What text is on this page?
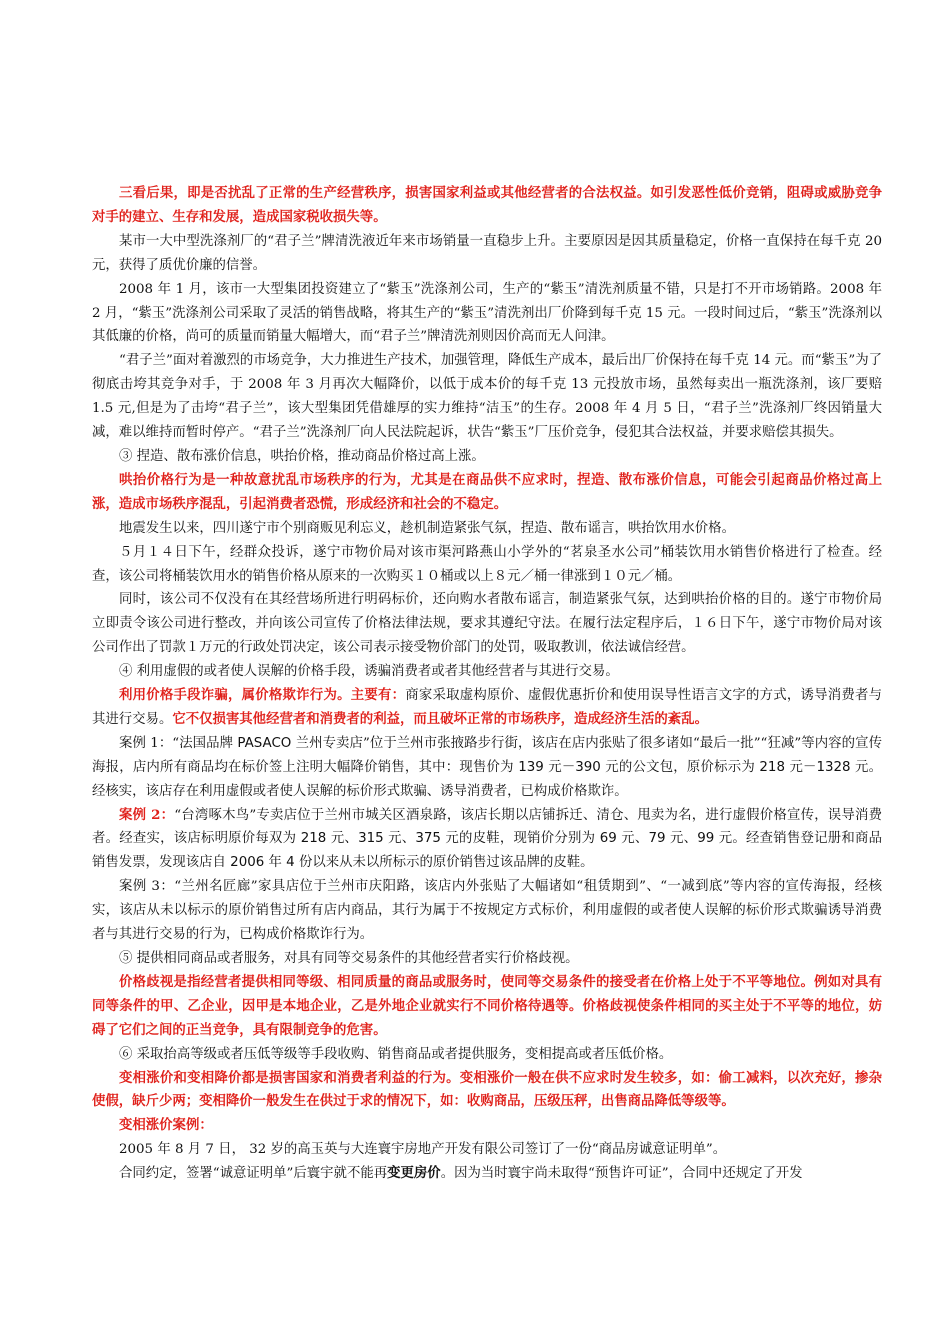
三看后果，即是否扰乱了正常的生产经营秩序，损害国家利益或其他经营者的合法权益。如引发恶性低价竞销，阻碍或威胁竞争对手的建立、生存和发展，造成国家税收损失等。

某市一大中型洗涤剂厂的“君子兰”牌清洗液近年来市场销量一直稳步上升。主要原因是因其质量稳定，价格一直保持在每千克 20 元，获得了质优价廉的信誉。

2008 年 1 月，该市一大型集团投资建立了“紫玉”洗涤剂公司，生产的“紫玉”清洗剂质量不错，只是打不开市场销路。2008 年 2 月，“紫玉”洗涤剂公司采取了灵活的销售战略，将其生产的“紫玉”清洗剂出厂价降到每千克 15 元。一段时间过后，“紫玉”洗涤剂以其低廉的价格，尚可的质量而销量大幅增大，而“君子兰”牌清洗剂则因价高而无人问津。

“君子兰”面对着激烈的市场竞争，大力推进生产技术，加强管理，降低生产成本，最后出厂价保持在每千克 14 元。而“紫玉”为了彻底击垮其竞争对手，于 2008 年 3 月再次大幅降价，以低于成本价的每千克 13 元投放市场，虽然每卖出一瓶洗涤剂，该厂要赔 1.5 元,但是为了击垮“君子兰”，该大型集团凭借雄厚的实力维持“洁玉”的生存。2008 年 4 月 5 日，“君子兰”洗涤剂厂终因销量大减，难以维持而暂时停产。“君子兰”洗涤剂厂向人民法院起诉，状告“紫玉”厂压价竞争，侵犯其合法权益，并要求赔偿其损失。

③ 捏造、散布涨价信息，哄抬价格，推动商品价格过高上涨。

哄抬价格行为是一种故意扰乱市场秩序的行为，尤其是在商品供不应求时，捏造、散布涨价信息，可能会引起商品价格过高上涨，造成市场秩序混乱，引起消费者恐慌，形成经济和社会的不稳定。

地震发生以来，四川遂宁市个别商贩见利忘义，趁机制造紧张气氛，捏造、散布谣言，哄抬饮用水价格。

５月１４日下午，经群众投诉，遂宁市物价局对该市渠河路燕山小学外的“茗泉圣水公司”桶装饮用水销售价格进行了检查。经查，该公司将桶装饮用水的销售价格从原来的一次购买１０桶或以上８元／桶一律涨到１０元／桶。

同时，该公司不仅没有在其经营场所进行明码标价，还向购水者散布谣言，制造紧张气氛，达到哄抬价格的目的。遂宁市物价局立即责令该公司进行整改，并向该公司宣传了价格法律法规，要求其遵纪守法。在履行法定程序后，１６日下午，遂宁市物价局对该公司作出了罚款１万元的行政处罚决定，该公司表示接受物价部门的处罚，吸取教训，依法诚信经营。

④ 利用虚假的或者使人误解的价格手段，诱骗消费者或者其他经营者与其进行交易。

利用价格手段诈骗，属价格欺诈行为。主要有：商家采取虚构原价、虚假优惠折价和使用误导性语言文字的方式，诱导消费者与其进行交易。它不仅损害其他经营者和消费者的利益，而且破坏正常的市场秩序，造成经济生活的紊乱。

案例 1：“法国品牌 PASACO 兰州专卖店”位于兰州市张掖路步行街，该店在店内张贴了很多诸如“最后一批”“狂减”等内容的宣传海报，店内所有商品均在标价签上注明大幅降价销售，其中：现售价为 139 元－390 元的公文包，原价标示为 218 元－1328 元。经核实，该店存在利用虚假或者使人误解的标价形式欺骗、诱导消费者，已构成价格欺诈。

案例 2：“台湾啄木鸟”专卖店位于兰州市城关区酒泉路，该店长期以店铺拆迁、清仓、甩卖为名，进行虚假价格宣传，误导消费者。经查实，该店标明原价每双为 218 元、315 元、375 元的皮鞋，现销价分别为 69 元、79 元、99 元。经查销售登记册和商品销售发票，发现该店自 2006 年 4 份以来从未以所标示的原价销售过该品牌的皮鞋。

案例 3：“兰州名匠廊”家具店位于兰州市庆阳路，该店内外张贴了大幅诸如“租赁期到”、“一减到底”等内容的宣传海报，经核实，该店从未以标示的原价销售过所有店内商品，其行为属于不按规定方式标价，利用虚假的或者使人误解的标价形式欺骗诱导消费者与其进行交易的行为，已构成价格欺诈行为。

⑤ 提供相同商品或者服务，对具有同等交易条件的其他经营者实行价格歧视。

价格歧视是指经营者提供相同等级、相同质量的商品或服务时，使同等交易条件的接受者在价格上处于不平等地位。例如对具有同等条件的甲、乙企业，因甲是本地企业，乙是外地企业就实行不同价格待遇等。价格歧视使条件相同的买主处于不平等的地位，妨碍了它们之间的正当竞争，具有限制竞争的危害。

⑥ 采取抬高等级或者压低等级等手段收购、销售商品或者提供服务，变相提高或者压低价格。

变相涨价和变相降价都是损害国家和消费者利益的行为。变相涨价一般在供不应求时发生较多，如：偷工减料，以次充好，掺杂使假，缺斤少两；变相降价一般发生在供过于求的情况下，如：收购商品，压级压秤，出售商品降低等级等。

变相涨价案例：

2005 年 8 月 7 日， 32 岁的高玉英与大连寰宇房地产开发有限公司签订了一份“商品房诚意证明单”。

合同约定，签署“诚意证明单”后寰宇就不能再变更房价。因为当时寰宇尚未取得“预售许可证”，合同中还规定了开发
